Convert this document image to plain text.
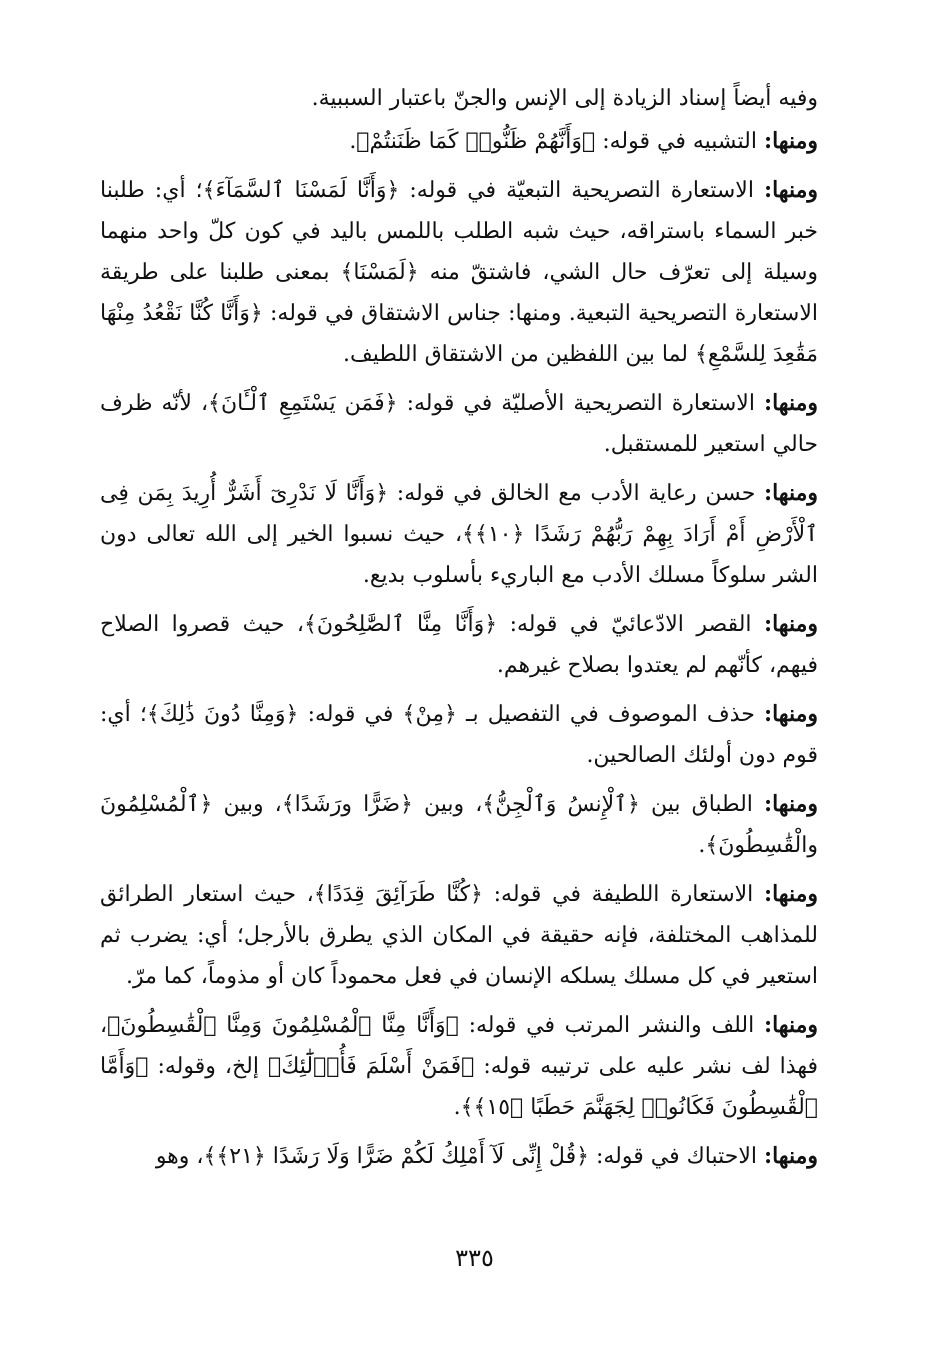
وفيه أيضاً إسناد الزيادة إلى الإنس والجنّ باعتبار السببية.

ومنها: التشبيه في قوله: ﴿وَأَنَّهُمْ ظَنُّوا۟ كَمَا ظَنَنتُمْ﴾.

ومنها: الاستعارة التصريحية التبعيّة في قوله: ﴿وَأَنَّا لَمَسْنَا ٱلسَّمَآءَ﴾؛ أي: طلبنا خبر السماء باستراقه، حيث شبه الطلب باللمس باليد في كون كلّ واحد منهما وسيلة إلى تعرّف حال الشي، فاشتقّ منه ﴿لَمَسْنَا﴾ بمعنى طلبنا على طريقة الاستعارة التصريحية التبعية. ومنها: جناس الاشتقاق في قوله: ﴿وَأَنَّا كُنَّا نَقْعُدُ مِنْهَا مَقَٰعِدَ لِلسَّمْعِ﴾ لما بين اللفظين من الاشتقاق اللطيف.

ومنها: الاستعارة التصريحية الأصليّة في قوله: ﴿فَمَن يَسْتَمِعِ ٱلْـَٔانَ﴾، لأنّه ظرف حالي استعير للمستقبل.

ومنها: حسن رعاية الأدب مع الخالق في قوله: ﴿وَأَنَّا لَا نَدْرِىٓ أَشَرٌّ أُرِيدَ بِمَن فِى ٱلْأَرْضِ أَمْ أَرَادَ بِهِمْ رَبُّهُمْ رَشَدًا ﴿١٠﴾﴾، حيث نسبوا الخير إلى الله تعالى دون الشر سلوكاً مسلك الأدب مع الباريء بأسلوب بديع.

ومنها: القصر الادّعائيّ في قوله: ﴿وَأَنَّا مِنَّا ٱلصَّٰلِحُونَ﴾، حيث قصروا الصلاح فيهم، كأنّهم لم يعتدوا بصلاح غيرهم.

ومنها: حذف الموصوف في التفصيل بـ ﴿مِنْ﴾ في قوله: ﴿وَمِنَّا دُونَ ذَٰلِكَ﴾؛ أي: قوم دون أولئك الصالحين.

ومنها: الطباق بين ﴿ٱلْإِنسُ وَٱلْجِنُّ﴾، وبين ﴿ضَرًّا ورَشَدًا﴾، وبين ﴿ٱلْمُسْلِمُونَ والْقَٰسِطُونَ﴾.

ومنها: الاستعارة اللطيفة في قوله: ﴿كُنَّا طَرَآئِقَ قِدَدًا﴾، حيث استعار الطرائق للمذاهب المختلفة، فإنه حقيقة في المكان الذي يطرق بالأرجل؛ أي: يضرب ثم استعير في كل مسلك يسلكه الإنسان في فعل محموداً كان أو مذوماً، كما مرّ.

ومنها: اللف والنشر المرتب في قوله: ﴿وَأَنَّا مِنَّا ٱلْمُسْلِمُونَ وَمِنَّا ٱلْقَٰسِطُونَ﴾، فهذا لف نشر عليه على ترتيبه قوله: ﴿فَمَنْ أَسْلَمَ فَأُو۟لَٰٓئِكَ﴾ إلخ، وقوله: ﴿وَأَمَّا ٱلْقَٰسِطُونَ فَكَانُوا۟ لِجَهَنَّمَ حَطَبًا ﴿١٥﴾﴾.

ومنها: الاحتباك في قوله: ﴿قُلْ إِنِّى لَآ أَمْلِكُ لَكُمْ ضَرًّا وَلَا رَشَدًا ﴿٢١﴾﴾، وهو

٣٣٥
